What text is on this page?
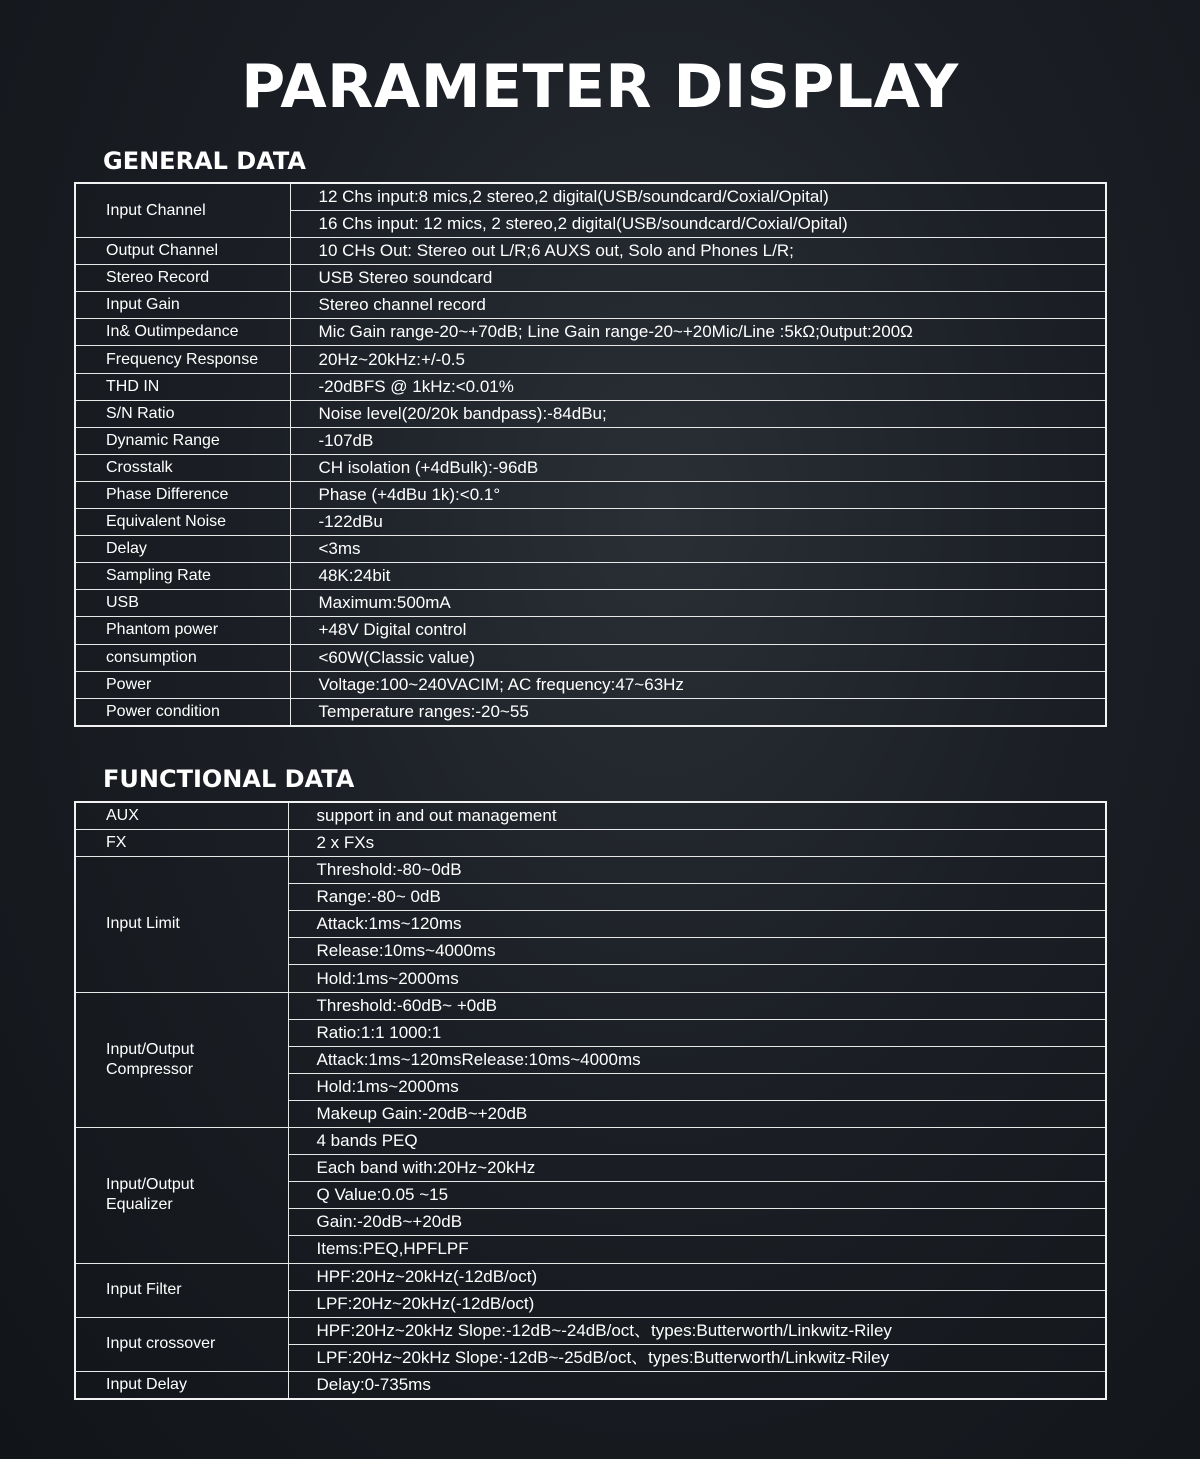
PARAMETER DISPLAY
GENERAL DATA
Input Channel	12 Chs input:8 mics,2 stereo,2 digital(USB/soundcard/Coxial/Opital)
	16 Chs input: 12 mics, 2 stereo,2 digital(USB/soundcard/Coxial/Opital)
Output Channel	10 CHs Out: Stereo out L/R;6 AUXS out, Solo and Phones L/R;
Stereo Record	USB Stereo soundcard
Input Gain	Stereo channel record
In& Outimpedance	Mic Gain range-20~+70dB; Line Gain range-20~+20Mic/Line :5kΩ;0utput:200Ω
Frequency Response	20Hz~20kHz:+/-0.5
THD IN	-20dBFS @ 1kHz:<0.01%
S/N Ratio	Noise level(20/20k bandpass):-84dBu;
Dynamic Range	-107dB
Crosstalk	CH isolation (+4dBulk):-96dB
Phase Difference	Phase (+4dBu 1k):<0.1°
Equivalent Noise	-122dBu
Delay	<3ms
Sampling Rate	48K:24bit
USB	Maximum:500mA
Phantom power	+48V Digital control
consumption	<60W(Classic value)
Power	Voltage:100~240VACIM; AC frequency:47~63Hz
Power condition	Temperature ranges:-20~55
FUNCTIONAL DATA
AUX	support in and out management
FX	2 x FXs
Input Limit	Threshold:-80~0dB
	Range:-80~ 0dB
	Attack:1ms~120ms
	Release:10ms~4000ms
	Hold:1ms~2000ms
Input/Output
Compressor	Threshold:-60dB~ +0dB
	Ratio:1:1 1000:1
	Attack:1ms~120msRelease:10ms~4000ms
	Hold:1ms~2000ms
	Makeup Gain:-20dB~+20dB
Input/Output
Equalizer	4 bands PEQ
	Each band with:20Hz~20kHz
	Q Value:0.05 ~15
	Gain:-20dB~+20dB
	Items:PEQ,HPFLPF
Input Filter	HPF:20Hz~20kHz(-12dB/oct)
	LPF:20Hz~20kHz(-12dB/oct)
Input crossover	HPF:20Hz~20kHz Slope:-12dB~-24dB/oct、types:Butterworth/Linkwitz-Riley
	LPF:20Hz~20kHz Slope:-12dB~-25dB/oct、types:Butterworth/Linkwitz-Riley
Input Delay	Delay:0-735ms
